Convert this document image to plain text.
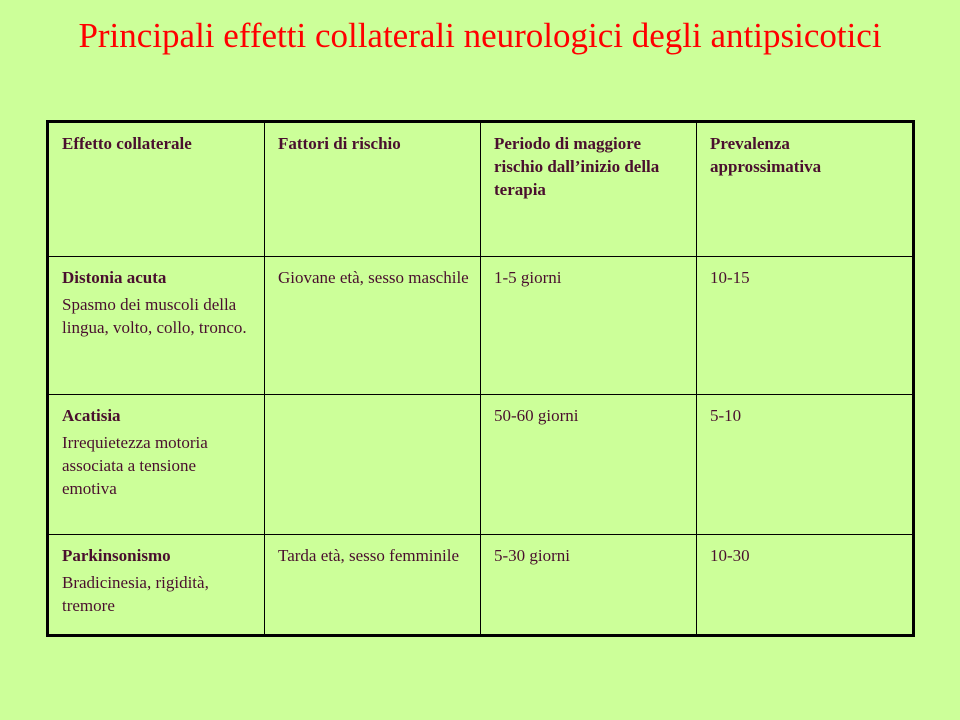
Principali effetti collaterali neurologici degli antipsicotici
Effetto collaterale	Fattori di rischio	Periodo di maggiore rischio dall’inizio della terapia	Prevalenza approssimativa

Distonia acuta

Spasmo dei muscoli della lingua, volto, collo, tronco.	Giovane età, sesso maschile	1-5 giorni	10-15

Acatisia

Irrequietezza motoria associata a tensione emotiva		50-60 giorni	5-10

Parkinsonismo

Bradicinesia, rigidità, tremore	Tarda età, sesso femminile	5-30 giorni	10-30
